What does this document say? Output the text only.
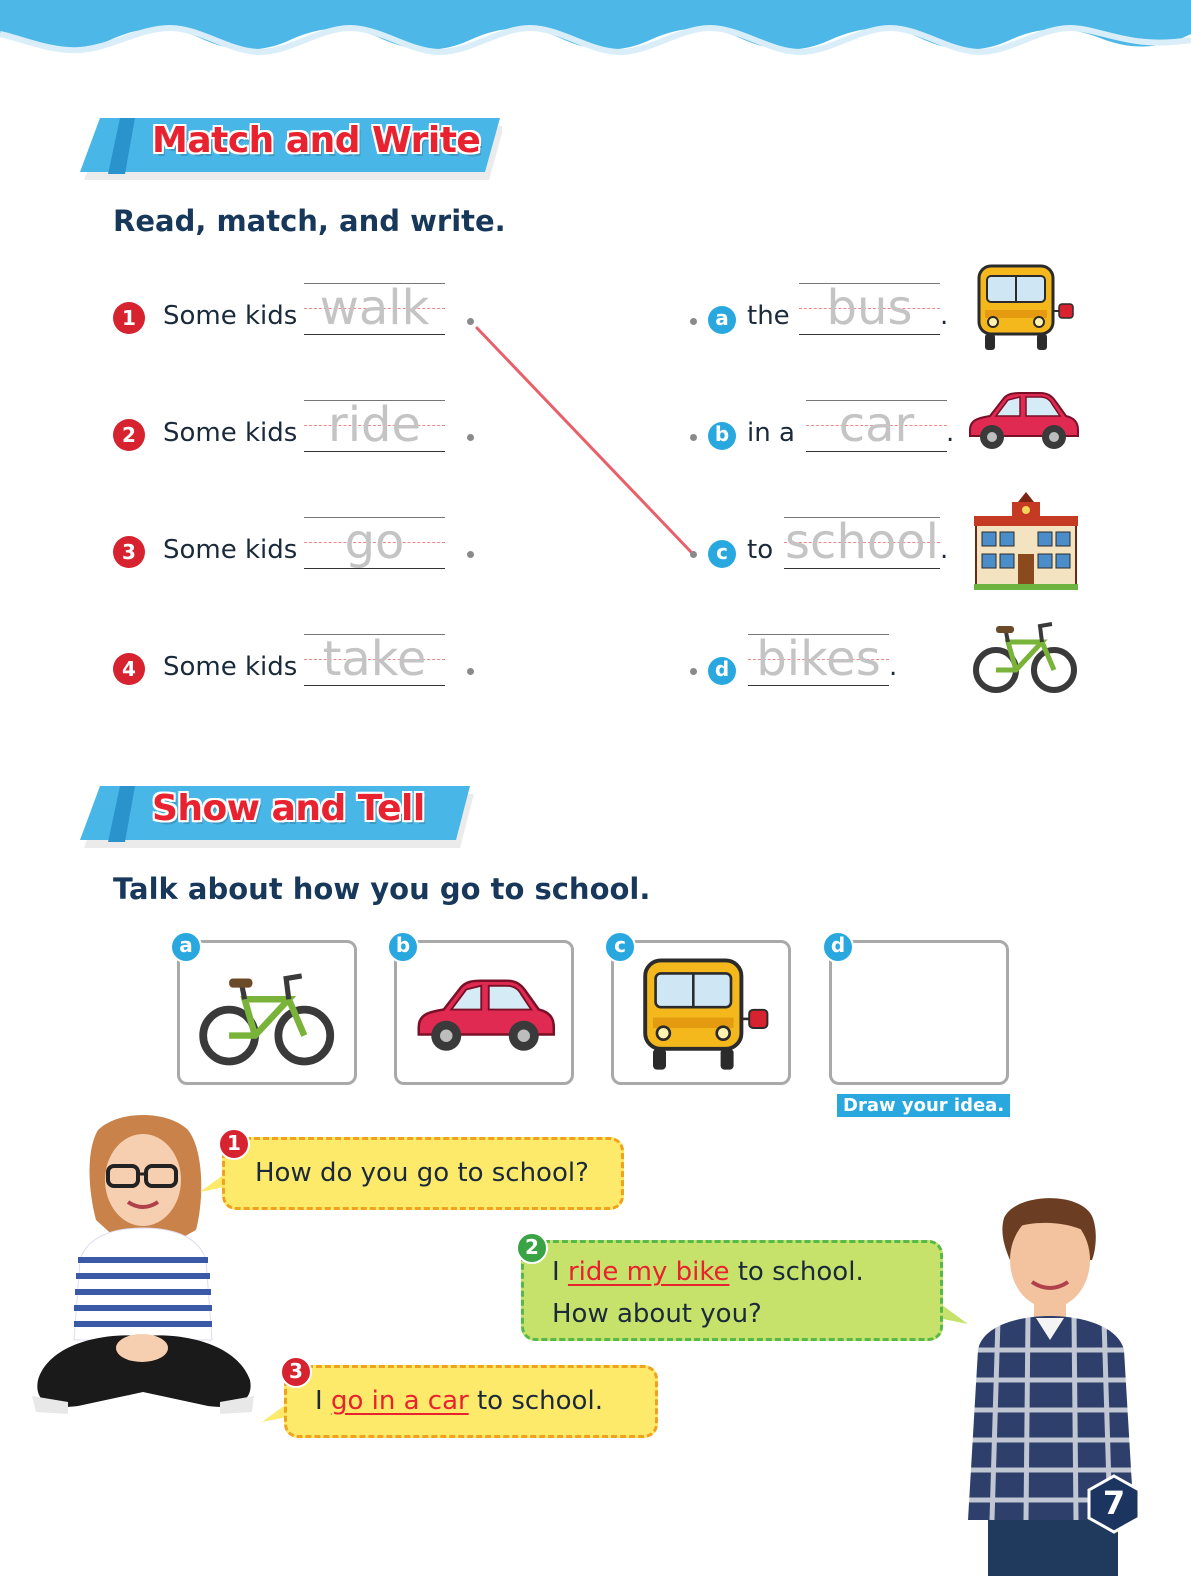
Match and Write
Read, match, and write.
1	Some kids walk
2	Some kids ride
3	Some kids go
4	Some kids take
a the bus	.
b in a car	.
c to school .
d bikes .
Show and Tell
Talk about how you go to school.
a	b	c	d
Draw your idea.
How do you go to school?
1
I ride my bike to school.
How about you?
2
I go in a car to school.
3
7
